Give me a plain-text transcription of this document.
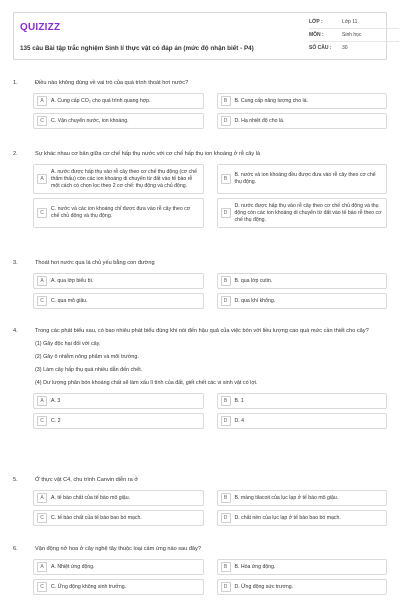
QUIZIZZ
135 câu Bài tập trắc nghiệm Sinh lí thực vật có đáp án (mức độ nhận biết - P4)
LỚP :	Lớp 11
MÔN :	Sinh học
SỐ CÂU :	30
1.	Điều nào không đúng về vai trò của quá trình thoát hơi nước?
A	A. Cung cấp CO₂ cho quá trình quang hợp.	B	B. Cung cấp năng lượng cho lá.
C	C. Vận chuyển nước, ion khoáng.	D	D. Hạ nhiệt độ cho lá.
2.	Sự khác nhau cơ bản giữa cơ chế hấp thụ nước với cơ chế hấp thụ ion khoáng ở rễ cây là
A
A. nước được hấp thụ vào rễ cây theo cơ chế thụ động (cơ chế thẩm thấu) còn các ion khoáng di chuyển từ đất vào tế bào rễ một cách có chọn lọc theo 2 cơ chế: thụ động và chủ động.
B
B. nước và ion khoáng đều được đưa vào rễ cây theo cơ chế thụ động.
C
C. nước và các ion khoáng chỉ được đưa vào rễ cây theo cơ chế chủ động và thụ động.
D
D. nước được hấp thụ vào rễ cây theo cơ chế chủ động và thụ động còn các ion khoáng di chuyển từ đất vào tế bào rễ theo cơ chế thụ động.
3.	Thoát hơi nước qua lá chủ yếu bằng con đường
A	A. qua lớp biểu bì.	B	B. qua lớp cutin.
C	C. qua mô giậu.	D	D. qua khí khổng.
4.	Trong các phát biểu sau, có bao nhiêu phát biểu đúng khi nói đến hậu quả của việc bón với liều lượng cao quá mức cần thiết cho cây?
(1) Gây độc hại đối với cây.
(2) Gây ô nhiễm nông phẩm và môi trường.
(3) Làm cây hấp thụ quá nhiều dẫn đến chết.
(4) Dư lượng phân bón khoáng chất sẽ làm xấu lí tính của đất, giết chết các vi sinh vật có lợi.
A	A. 3	B	B. 1
C	C. 2	D	D. 4
5.	Ở thực vật C4, chu trình Canvin diễn ra ở
A	A. tế bào chất của tế bào mô giậu.	B	B. màng tilacoit của lục lạp ở tế bào mô giậu.
C	C. tế bào chất của tế bào bao bó mạch.	D	D. chất nền của lục lạp ở tế bào bao bó mạch.
6.	Vận động nở hoa ở cây nghệ tây thuộc loại cảm ứng nào sau đây?
A	A. Nhiệt ứng động.	B	B. Hóa ứng động.
C	C. Ứng động không sinh trưởng.	D	D. Ứng động sức trương.
